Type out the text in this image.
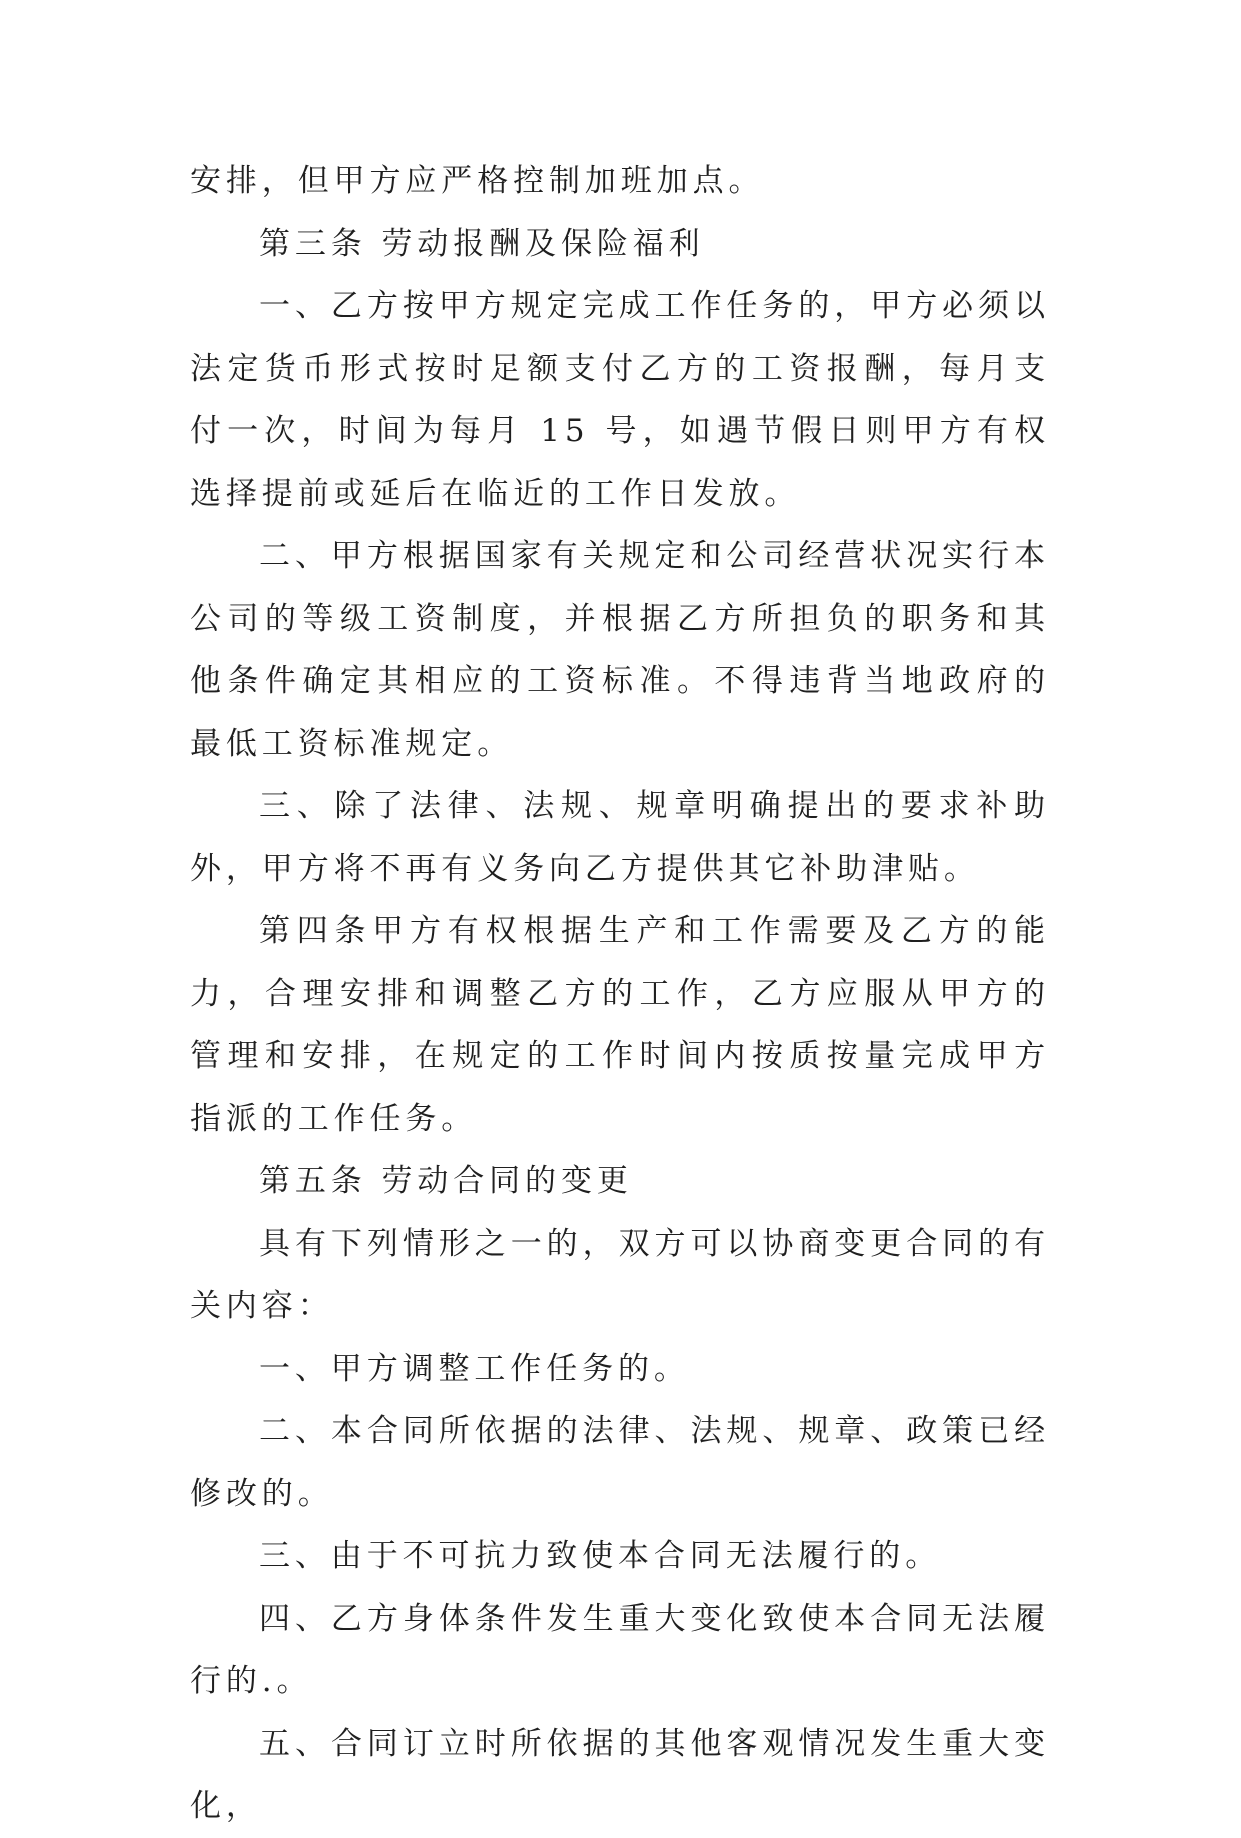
安排，但甲方应严格控制加班加点。

第三条 劳动报酬及保险福利

一、乙方按甲方规定完成工作任务的，甲方必须以法定货币形式按时足额支付乙方的工资报酬，每月支付一次，时间为每月 15 号，如遇节假日则甲方有权选择提前或延后在临近的工作日发放。

二、甲方根据国家有关规定和公司经营状况实行本公司的等级工资制度，并根据乙方所担负的职务和其他条件确定其相应的工资标准。不得违背当地政府的最低工资标准规定。

三、除了法律、法规、规章明确提出的要求补助外，甲方将不再有义务向乙方提供其它补助津贴。

第四条甲方有权根据生产和工作需要及乙方的能力，合理安排和调整乙方的工作，乙方应服从甲方的管理和安排，在规定的工作时间内按质按量完成甲方指派的工作任务。

第五条 劳动合同的变更

具有下列情形之一的，双方可以协商变更合同的有关内容：

一、甲方调整工作任务的。

二、本合同所依据的法律、法规、规章、政策已经修改的。

三、由于不可抗力致使本合同无法履行的。

四、乙方身体条件发生重大变化致使本合同无法履行的.。

五、合同订立时所依据的其他客观情况发生重大变化，
